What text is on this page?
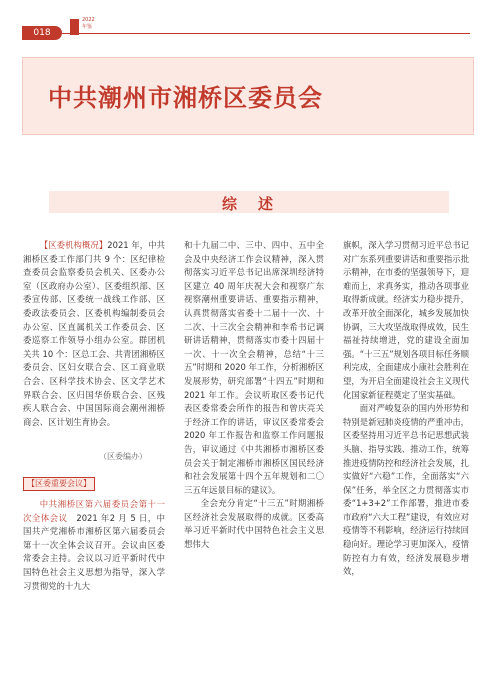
018
2022
年鉴
中共潮州市湘桥区委员会
综　述

【区委机构概况】2021 年，中共湘桥区委工作部门共 9 个：区纪律检查委员会监察委员会机关、区委办公室（区政府办公室）、区委组织部、区委宣传部、区委统一战线工作部、区委政法委员会、区委机构编制委员会办公室、区直属机关工作委员会、区委巡察工作领导小组办公室。群团机关共 10 个：区总工会、共青团湘桥区委员会、区妇女联合会、区工商业联合会、区科学技术协会、区文学艺术界联合会、区归国华侨联合会、区残疾人联合会、中国国际商会潮州湘桥商会、区计划生育协会。

（区委编办）
【区委重要会议】

中共湘桥区第六届委员会第十一次全体会议　 2021 年2 月 5 日，中国共产党湘桥市湘桥区第六届委员会第十一次全体会议召开。会议由区委常委会主持。会议以习近平新时代中国特色社会主义思想为指导，深入学习贯彻党的十九大

和十九届二中、三中、四中、五中全会及中央经济工作会议精神，深入贯彻落实习近平总书记出席深圳经济特区建立 40 周年庆祝大会和视察广东视察潮州重要讲话、重要指示精神，认真贯彻落实省委十二届十一次、十二次、十三次全会精神和李希书记调研讲话精神，贯彻落实市委十四届十一次、十一次全会精神，总结“十三五”时期和 2020 年工作，分析湘桥区发展形势，研究部署“十四五”时期和 2021 年工作。会议听取区委书记代表区委常委会所作的报告和曾庆亮关于经济工作的讲话，审议区委常委会 2020 年工作报告和监察工作问题报告，审议通过《中共湘桥市湘桥区委员会关于制定湘桥市湘桥区国民经济和社会发展第十四个五年规划和二〇三五年远景目标的建议》。

全会充分肯定“十三五”时期湘桥区经济社会发展取得的成就。区委高举习近平新时代中国特色社会主义思想伟大

旗帜，深入学习贯彻习近平总书记对广东系列重要讲话和重要指示批示精神，在市委的坚强领导下，迎难而上，求真务实，推动各项事业取得新成就。经济实力稳步提升，改革开放全面深化，城乡发展加快协调，三大攻坚战取得成效，民生福祉持续增进，党的建设全面加强。“十三五”规划各项目标任务顺利完成，全面建成小康社会胜利在望，为开启全面建设社会主义现代化国家新征程奠定了坚实基础。

面对严峻复杂的国内外形势和特别是新冠肺炎疫情的严重冲击，区委坚持用习近平总书记思想武装头脑、指导实践、推动工作，统筹推进疫情防控和经济社会发展，扎实做好“六稳”工作，全面落实“六保”任务，举全区之力贯彻落实市委“1+3+2”工作部署，推进市委市政府“六大工程”建设，有效应对疫情等不利影响，经济运行持续回稳向好。理论学习更加深入，疫情防控有力有效，经济发展稳步增效，
